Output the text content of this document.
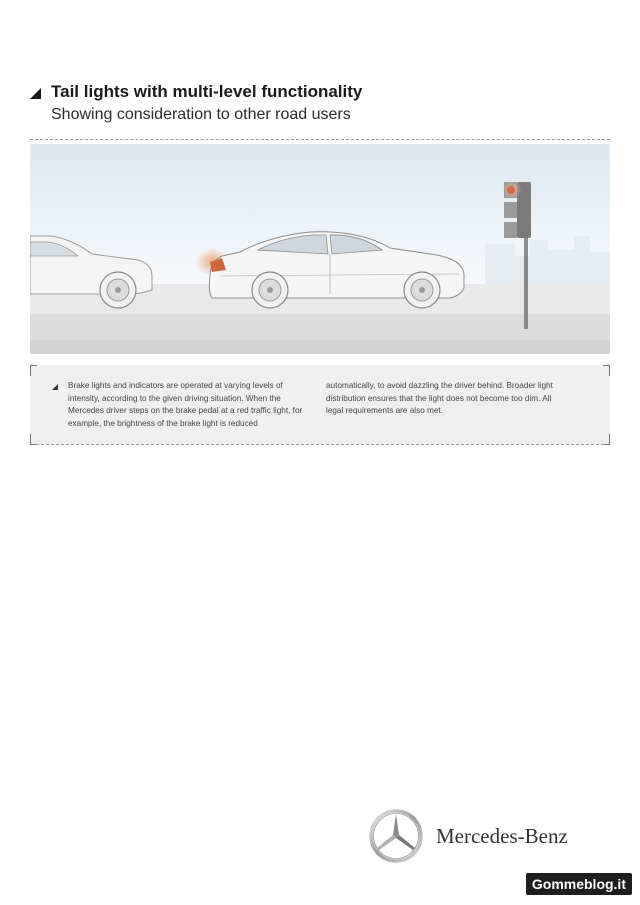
Tail lights with multi-level functionality
Showing consideration to other road users
Brake lights and indicators are operated at varying levels of intensity, according to the given driving situation. When the Mercedes driver steps on the brake pedal at a red traffic light, for example, the brightness of the brake light is reduced
automatically, to avoid dazzling the driver behind. Broader light distribution ensures that the light does not become too dim. All legal requirements are also met.
Mercedes-Benz
Gommeblog.it
